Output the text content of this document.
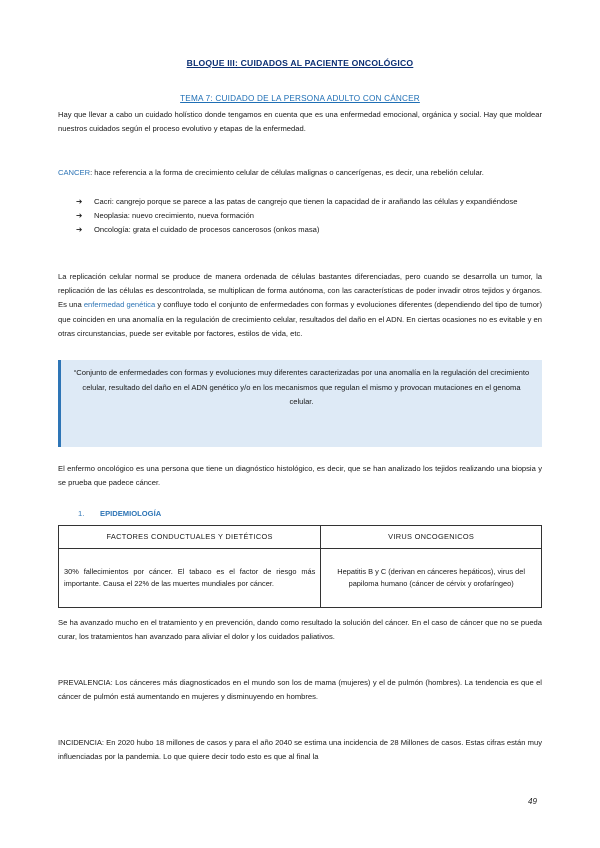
BLOQUE III: CUIDADOS AL PACIENTE ONCOLÓGICO
TEMA 7: CUIDADO DE LA PERSONA ADULTO CON CÁNCER
Hay que llevar a cabo un cuidado holístico donde tengamos en cuenta que es una enfermedad emocional, orgánica y social. Hay que moldear nuestros cuidados según el proceso evolutivo y etapas de la enfermedad.
CANCER: hace referencia a la forma de crecimiento celular de células malignas o cancerígenas, es decir, una rebelión celular.
➔	Cacri: cangrejo porque se parece a las patas de cangrejo que tienen la capacidad de ir arañando las células y expandiéndose
➔	Neoplasia: nuevo crecimiento, nueva formación
➔	Oncología: grata el cuidado de procesos cancerosos (onkos masa)
La replicación celular normal se produce de manera ordenada de células bastantes diferenciadas, pero cuando se desarrolla un tumor, la replicación de las células es descontrolada, se multiplican de forma autónoma, con las características de poder invadir otros tejidos y órganos. Es una enfermedad genética y confluye todo el conjunto de enfermedades con formas y evoluciones diferentes (dependiendo del tipo de tumor) que coinciden en una anomalía en la regulación de crecimiento celular, resultados del daño en el ADN. En ciertas ocasiones no es evitable y en otras circunstancias, puede ser evitable por factores, estilos de vida, etc.
“Conjunto de enfermedades con formas y evoluciones muy diferentes caracterizadas por una anomalía en la regulación del crecimiento celular, resultado del daño en el ADN genético y/o en los mecanismos que regulan el mismo y provocan mutaciones en el genoma celular.
El enfermo oncológico es una persona que tiene un diagnóstico histológico, es decir, que se han analizado los tejidos realizando una biopsia y se prueba que padece cáncer.
1. EPIDEMIOLOGÍA
FACTORES CONDUCTUALES Y DIETÉTICOS	VIRUS ONCOGENICOS
30% fallecimientos por cáncer. El tabaco es el factor de riesgo más importante. Causa el 22% de las muertes mundiales por cáncer.	Hepatitis B y C (derivan en cánceres hepáticos), virus del papiloma humano (cáncer de cérvix y orofaríngeo)
Se ha avanzado mucho en el tratamiento y en prevención, dando como resultado la solución del cáncer. En el caso de cáncer que no se pueda curar, los tratamientos han avanzado para aliviar el dolor y los cuidados paliativos.
PREVALENCIA: Los cánceres más diagnosticados en el mundo son los de mama (mujeres) y el de pulmón (hombres). La tendencia es que el cáncer de pulmón está aumentando en mujeres y disminuyendo en hombres.
INCIDENCIA: En 2020 hubo 18 millones de casos y para el año 2040 se estima una incidencia de 28 Millones de casos. Estas cifras están muy influenciadas por la pandemia. Lo que quiere decir todo esto es que al final la
49
